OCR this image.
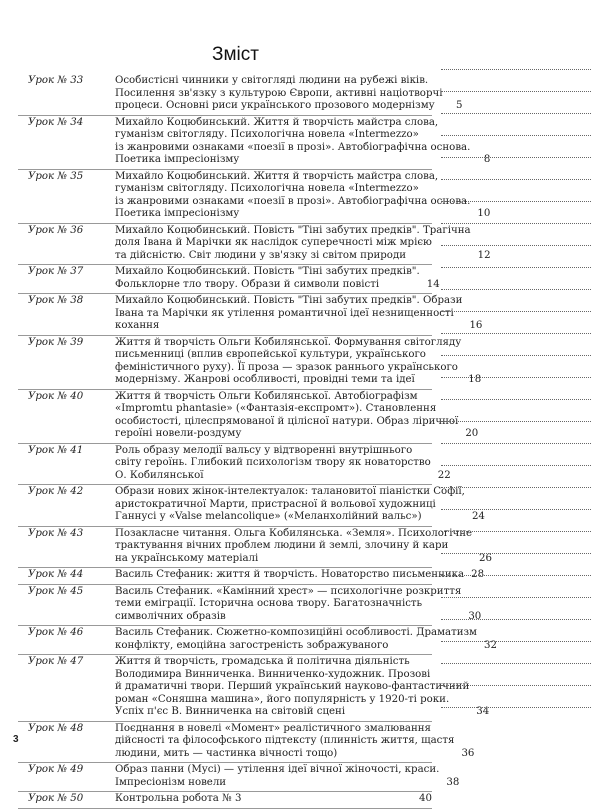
Зміст
Урок № 33	Особистісні чинники у світогляді людини на рубежі віків.
Посилення зв'язку з культурою Європи, активні націотворчі
процеси. Основні риси українського прозового модернізму	5
Урок № 34	Михайло Коцюбинський. Життя й творчість майстра слова,
гуманізм світогляду. Психологічна новела «Intermezzo»
із жанровими ознаками «поезії в прозі». Автобіографічна основа.
Поетика імпресіонізму	8
Урок № 35	Михайло Коцюбинський. Життя й творчість майстра слова,
гуманізм світогляду. Психологічна новела «Intermezzo»
із жанровими ознаками «поезії в прозі». Автобіографічна основа.
Поетика імпресіонізму	10
Урок № 36	Михайло Коцюбинський. Повість "Тіні забутих предків". Трагічна
доля Івана й Марічки як наслідок суперечності між мрією
та дійсністю. Світ людини у зв'язку зі світом природи	12
Урок № 37	Михайло Коцюбинський. Повість "Тіні забутих предків".
Фольклорне тло твору. Образи й символи повісті	14
Урок № 38	Михайло Коцюбинський. Повість "Тіні забутих предків". Образи
Івана та Марічки як утілення романтичної ідеї незнищенності
кохання	16
Урок № 39	Життя й творчість Ольги Кобилянської. Формування світогляду
письменниці (вплив європейської культури, українського
феміністичного руху). Її проза — зразок раннього українського
модернізму. Жанрові особливості, провідні теми та ідеї	18
Урок № 40	Життя й творчість Ольги Кобилянської. Автобіографізм
«Impromtu phantasie» («Фантазія-експромт»). Становлення
особистості, цілеспрямованої й цілісної натури. Образ ліричної
героїні новели-роздуму	20
Урок № 41	Роль образу мелодії вальсу у відтворенні внутрішнього
світу героїнь. Глибокий психологізм твору як новаторство
О. Кобилянської	22
Урок № 42	Образи нових жінок-інтелектуалок: талановитої піаністки Софії,
аристократичної Марти, пристрасної й вольової художниці
Ганнусі у «Valse melancolique» («Меланхолійний вальс»)	24
Урок № 43	Позакласне читання. Ольга Кобилянська. «Земля». Психологічне
трактування вічних проблем людини й землі, злочину й кари
на українському матеріалі	26
Урок № 44	Василь Стефаник: життя й творчість. Новаторство письменника 28
Урок № 45	Василь Стефаник. «Камінний хрест» — психологічне розкриття
теми еміграції. Історична основа твору. Багатозначність
символічних образів	30
Урок № 46	Василь Стефаник. Сюжетно-композиційні особливості. Драматизм
конфлікту, емоційна загостреність зображуваного	32
Урок № 47	Життя й творчість, громадська й політична діяльність
Володимира Винниченка. Винниченко-художник. Прозові
й драматичні твори. Перший український науково-фантастичний
роман «Соняшна машина», його популярність у 1920-ті роки.
Успіх п'єс В. Винниченка на світовій сцені	34
Урок № 48	Поєднання в новелі «Момент» реалістичного змалювання
дійсності та філософського підтексту (плинність життя, щастя
людини, мить — частинка вічності тощо)	36
Урок № 49	Образ панни (Мусі) — утілення ідеї вічної жіночості, краси.
Імпресіонізм новели	38
Урок № 50	Контрольна робота № 3	40
3
